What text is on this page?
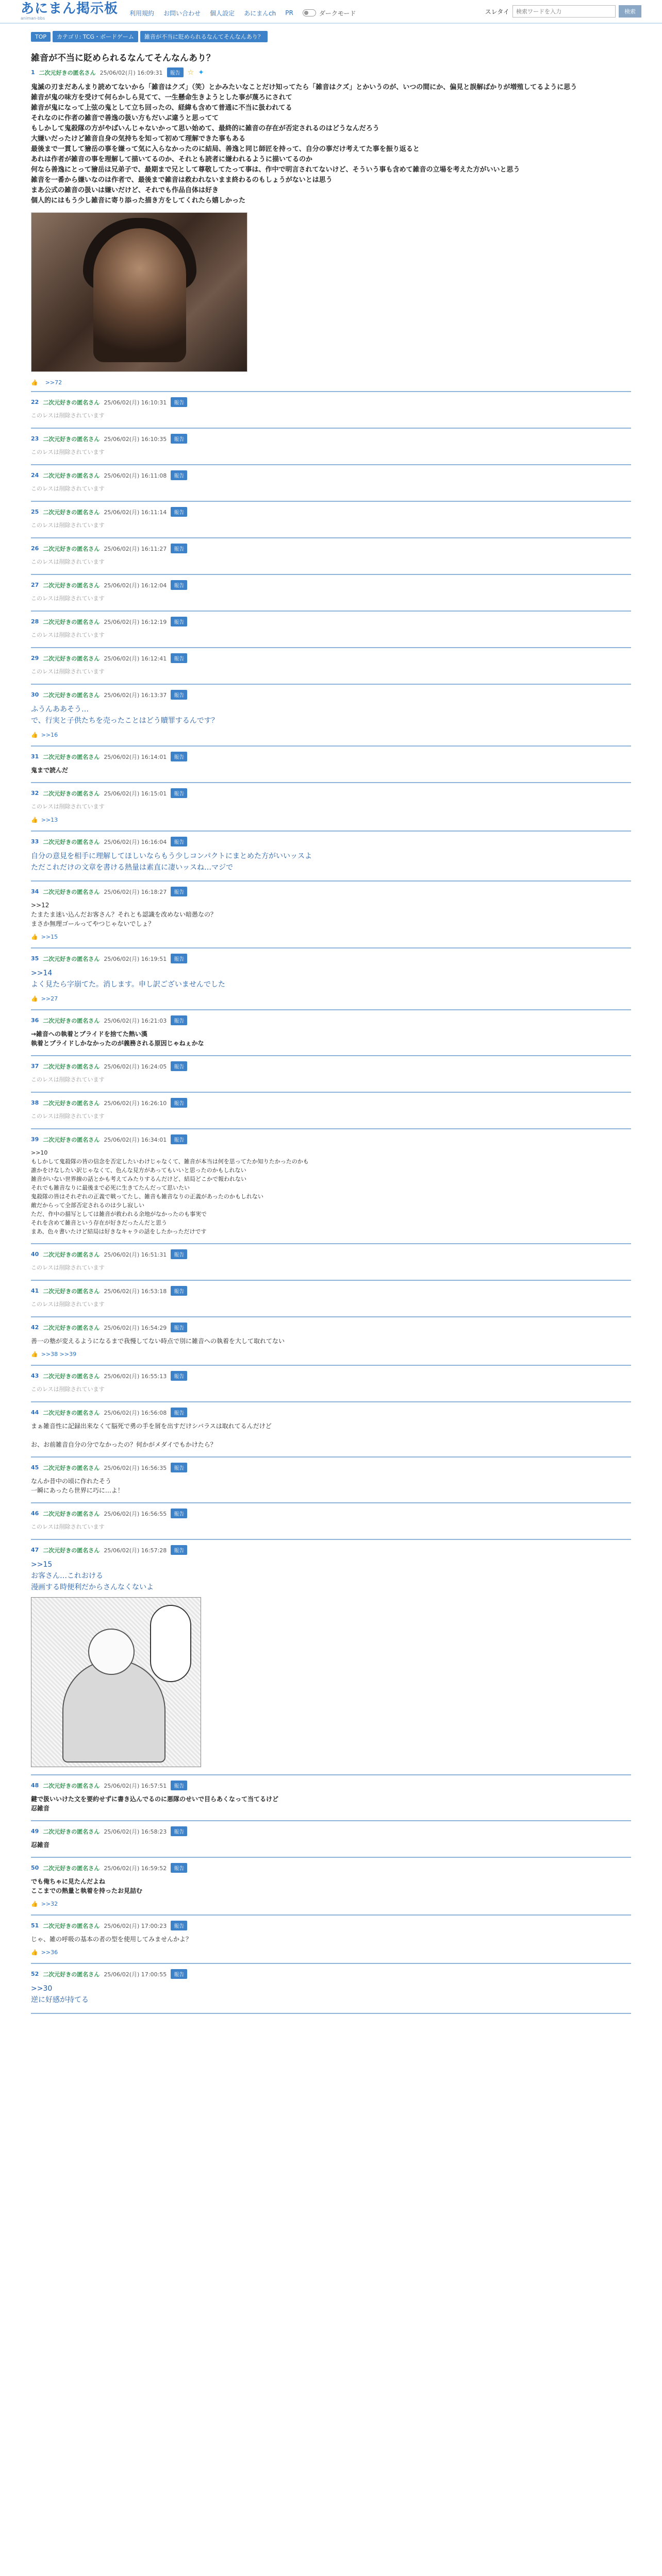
あにまん掲示板
animan-bbs
利用規約 お問い合わせ 個人設定 あにまんch PR	ダークモード	スレタイ
検索ワードを入力	検索
TOP	カテゴリ: TCG・ボードゲーム	雑音が不当に貶められるなんてそんなんあり？
雑音が不当に貶められるなんてそんなんあり？
1 二次元好きの匿名さん 25/06/02(月) 16:09:31	報告	☆ ✦

鬼滅の刃まだあんまり読めてないから「雑音はクズ」（笑）とかみたいなことだけ知ってたら「雑音はクズ」とかいうのが、いつの間にか、偏見と誤解ばかりが増殖してるように思う

雑音が鬼の味方を受けて何らかしら見てて、一生懸命生きようとした事が蔑ろにされて

雑音が鬼になって上弦の鬼として立ち回ったの、経緯も含めて普通に不当に扱われてる

それなのに作者の雑音で善逸の扱い方もだいぶ違うと思ってて

もしかして鬼殺隊の方がやばいんじゃないかって思い始めて、最終的に雑音の存在が否定されるのはどうなんだろう

大嫌いだったけど雑音自身の気持ちを知って初めて理解できた事もある

最後まで一貫して獪岳の事を嫌って気に入らなかったのに結局、善逸と同じ師匠を持って、自分の事だけ考えてた事を振り返ると

あれは作者が雑音の事を理解して描いてるのか、それとも読者に嫌われるように描いてるのか

何なら善逸にとって獪岳は兄弟子で、最期まで兄として尊敬してたって事は、作中で明言されてないけど、そういう事も含めて雑音の立場を考えた方がいいと思う

雑音を一番から嫌いなのは作者で、最後まで雑音は救われないまま終わるのもしょうがないとは思う

まあ公式の雑音の扱いは嫌いだけど、それでも作品自体は好き

個人的にはもう少し雑音に寄り添った描き方をしてくれたら嬉しかった

👍 >>72
22 二次元好きの匿名さん 25/06/02(月) 16:10:31	報告
このレスは削除されています
23 二次元好きの匿名さん 25/06/02(月) 16:10:35	報告
このレスは削除されています
24 二次元好きの匿名さん 25/06/02(月) 16:11:08	報告
このレスは削除されています
25 二次元好きの匿名さん 25/06/02(月) 16:11:14	報告
このレスは削除されています
26 二次元好きの匿名さん 25/06/02(月) 16:11:27	報告
このレスは削除されています
27 二次元好きの匿名さん 25/06/02(月) 16:12:04	報告
このレスは削除されています
28 二次元好きの匿名さん 25/06/02(月) 16:12:19	報告
このレスは削除されています
29 二次元好きの匿名さん 25/06/02(月) 16:12:41	報告
このレスは削除されています
30 二次元好きの匿名さん 25/06/02(月) 16:13:37	報告
ふうんああそう…
で、行実と子供たちを売ったことはどう贖罪するんです？
👍 >>16
31 二次元好きの匿名さん 25/06/02(月) 16:14:01	報告
鬼まで読んだ
32 二次元好きの匿名さん 25/06/02(月) 16:15:01	報告
このレスは削除されています
👍 >>13
33 二次元好きの匿名さん 25/06/02(月) 16:16:04	報告
自分の意見を相手に理解してほしいならもう少しコンパクトにまとめた方がいいッスよ
ただこれだけの文章を書ける熱量は素直に凄いッスね…マジで
34 二次元好きの匿名さん 25/06/02(月) 16:18:27	報告
>>12
たまたま迷い込んだお客さん？それとも認識を改めない暗愚なの？
まさか無理ゴールってやつじゃないでしょ？
👍 >>15
35 二次元好きの匿名さん 25/06/02(月) 16:19:51	報告
>>14
よく見たら字崩てた。消します。申し訳ございませんでした
👍 >>27
36 二次元好きの匿名さん 25/06/02(月) 16:21:03	報告
→雑音への執着とプライドを捨てた熱い漢
執着とプライドしかなかったのが義務される原因じゃねぇかな
37 二次元好きの匿名さん 25/06/02(月) 16:24:05	報告
このレスは削除されています
38 二次元好きの匿名さん 25/06/02(月) 16:26:10	報告
このレスは削除されています
39 二次元好きの匿名さん 25/06/02(月) 16:34:01	報告
>>10
もしかして鬼殺隊の皆の信念を否定したいわけじゃなくて、雑音が本当は何を思ってたか知りたかったのかも
誰かをけなしたい訳じゃなくて、色んな見方があってもいいと思ったのかもしれない
雑音がいない世界線の話とかも考えてみたりするんだけど、結局どこかで報われない
それでも雑音なりに最後まで必死に生きてたんだって思いたい
鬼殺隊の皆はそれぞれの正義で戦ってたし、雑音も雑音なりの正義があったのかもしれない
敵だからって全部否定されるのは少し寂しい
ただ、作中の描写としては雑音が救われる余地がなかったのも事実で
それを含めて雑音という存在が好きだったんだと思う
まあ、色々書いたけど結局は好きなキャラの話をしたかっただけです
40 二次元好きの匿名さん 25/06/02(月) 16:51:31	報告
このレスは削除されています
41 二次元好きの匿名さん 25/06/02(月) 16:53:18	報告
このレスは削除されています
42 二次元好きの匿名さん 25/06/02(月) 16:54:29	報告
善一の塾が変えるようになるまで我慢してない時点で別に雑音への執着を大して取れてない
👍 >>38 >>39
43 二次元好きの匿名さん 25/06/02(月) 16:55:13	報告
このレスは削除されています
44 二次元好きの匿名さん 25/06/02(月) 16:56:08	報告
まぁ雑音性に記録出来なくて脳死で勇の手を屑を出すだけシバラスは取れてるんだけど

お、お前雑音自分の分でなかったの？何かがメダイでもかけたら？
45 二次元好きの匿名さん 25/06/02(月) 16:56:35	報告
なんか昔中の頃に作れたそう
一瞬にあったら世界に巧に…よ！
46 二次元好きの匿名さん 25/06/02(月) 16:56:55	報告
このレスは削除されています
47 二次元好きの匿名さん 25/06/02(月) 16:57:28	報告
>>15
お客さん…これおける
漫画する時便利だからさんなくないよ
48 二次元好きの匿名さん 25/06/02(月) 16:57:51	報告
鍵で扱いいけた文を要約せずに書き込んでるのに悪隊のせいで目らあくなって当てるけど
忍雑音
49 二次元好きの匿名さん 25/06/02(月) 16:58:23	報告
忍雑音
50 二次元好きの匿名さん 25/06/02(月) 16:59:52	報告
でも俺ちゃに見たんだよね
ここまでの熱量と執着を持ったお見詰む
👍 >>32
51 二次元好きの匿名さん 25/06/02(月) 17:00:23	報告
じゃ、雑の呼吸の基本の者の型を使用してみませんかよ？
👍 >>36
52 二次元好きの匿名さん 25/06/02(月) 17:00:55	報告
>>30
逆に好感が持てる
